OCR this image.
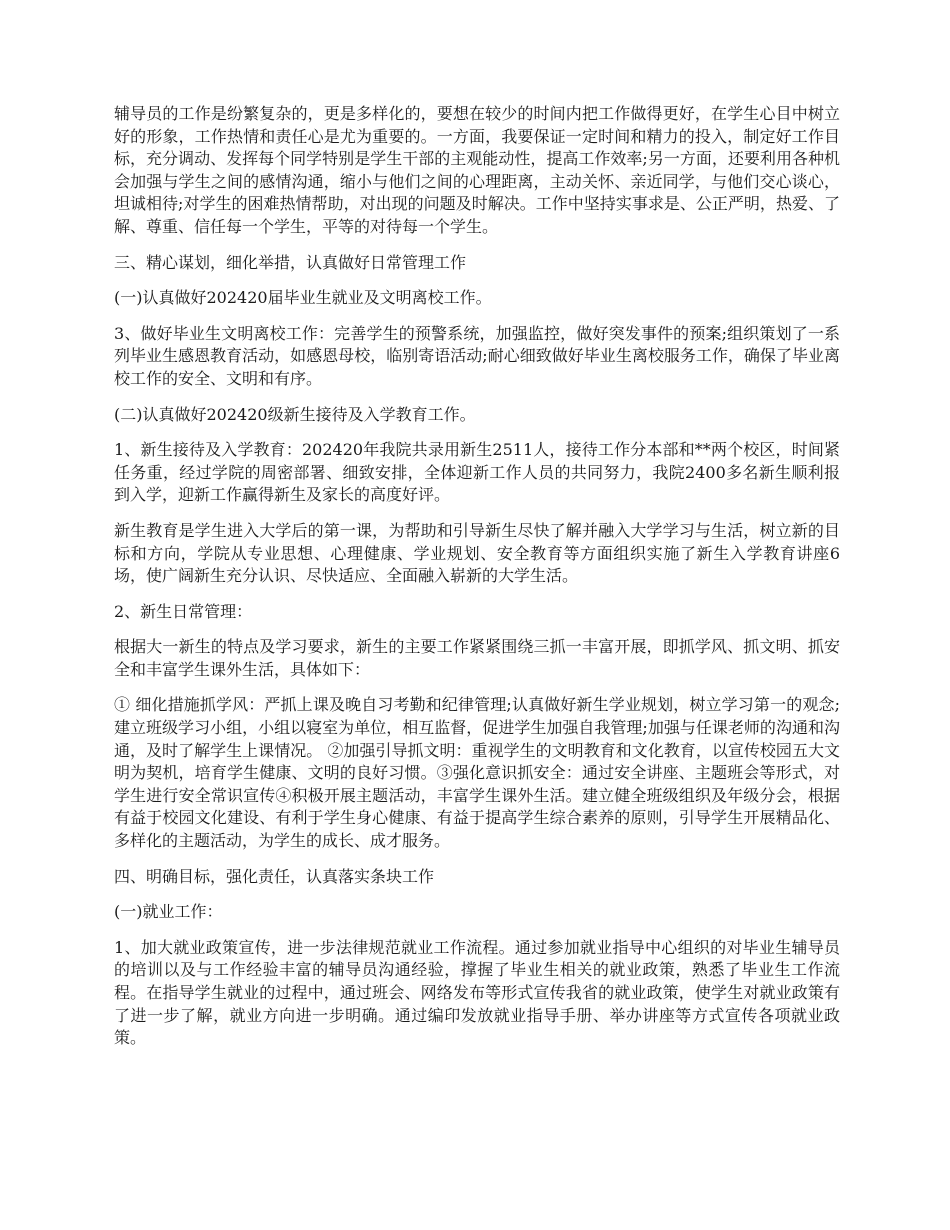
辅导员的工作是纷繁复杂的，更是多样化的，要想在较少的时间内把工作做得更好，在学生心目中树立好的形象，工作热情和责任心是尤为重要的。一方面，我要保证一定时间和精力的投入，制定好工作目标，充分调动、发挥每个同学特别是学生干部的主观能动性，提高工作效率;另一方面，还要利用各种机会加强与学生之间的感情沟通，缩小与他们之间的心理距离，主动关怀、亲近同学，与他们交心谈心，坦诚相待;对学生的困难热情帮助，对出现的问题及时解决。工作中坚持实事求是、公正严明，热爱、了解、尊重、信任每一个学生，平等的对待每一个学生。

三、精心谋划，细化举措，认真做好日常管理工作

(一)认真做好202420届毕业生就业及文明离校工作。

3、做好毕业生文明离校工作：完善学生的预警系统，加强监控，做好突发事件的预案;组织策划了一系列毕业生感恩教育活动，如感恩母校，临别寄语活动;耐心细致做好毕业生离校服务工作，确保了毕业离校工作的安全、文明和有序。

(二)认真做好202420级新生接待及入学教育工作。

1、新生接待及入学教育：202420年我院共录用新生2511人，接待工作分本部和**两个校区，时间紧任务重，经过学院的周密部署、细致安排，全体迎新工作人员的共同努力，我院2400多名新生顺利报到入学，迎新工作赢得新生及家长的高度好评。

新生教育是学生进入大学后的第一课，为帮助和引导新生尽快了解并融入大学学习与生活，树立新的目标和方向，学院从专业思想、心理健康、学业规划、安全教育等方面组织实施了新生入学教育讲座6场，使广阔新生充分认识、尽快适应、全面融入崭新的大学生活。

2、新生日常管理：

根据大一新生的特点及学习要求，新生的主要工作紧紧围绕三抓一丰富开展，即抓学风、抓文明、抓安全和丰富学生课外生活，具体如下：

① 细化措施抓学风：严抓上课及晚自习考勤和纪律管理;认真做好新生学业规划，树立学习第一的观念;建立班级学习小组，小组以寝室为单位，相互监督，促进学生加强自我管理;加强与任课老师的沟通和沟通，及时了解学生上课情况。 ②加强引导抓文明：重视学生的文明教育和文化教育，以宣传校园五大文明为契机，培育学生健康、文明的良好习惯。③强化意识抓安全：通过安全讲座、主题班会等形式，对学生进行安全常识宣传④积极开展主题活动，丰富学生课外生活。建立健全班级组织及年级分会，根据有益于校园文化建设、有利于学生身心健康、有益于提高学生综合素养的原则，引导学生开展精品化、多样化的主题活动，为学生的成长、成才服务。

四、明确目标，强化责任，认真落实条块工作

(一)就业工作：

1、加大就业政策宣传，进一步法律规范就业工作流程。通过参加就业指导中心组织的对毕业生辅导员的培训以及与工作经验丰富的辅导员沟通经验，撑握了毕业生相关的就业政策，熟悉了毕业生工作流程。在指导学生就业的过程中，通过班会、网络发布等形式宣传我省的就业政策，使学生对就业政策有了进一步了解，就业方向进一步明确。通过编印发放就业指导手册、举办讲座等方式宣传各项就业政策。
